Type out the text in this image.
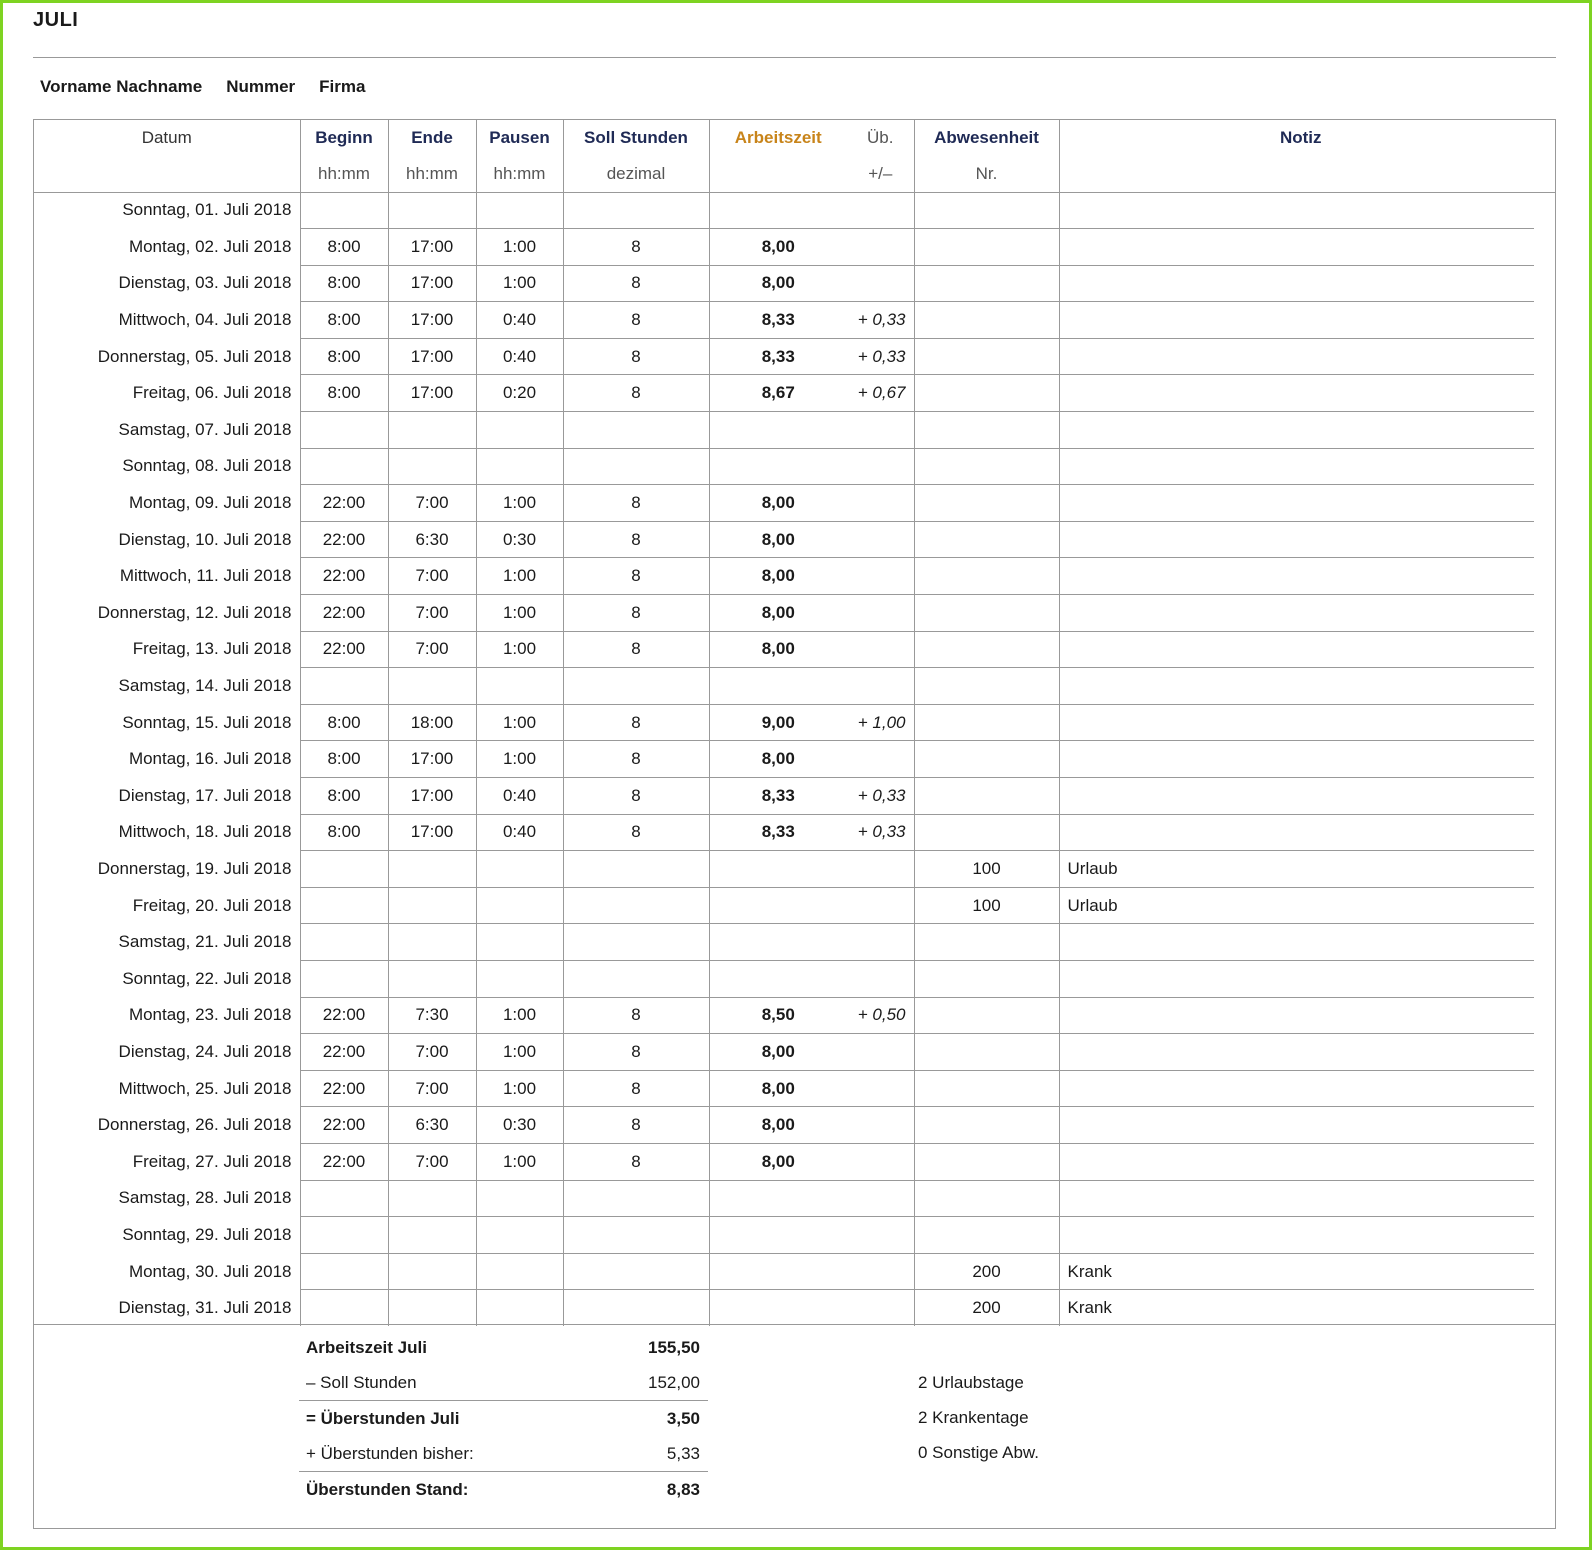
JULI
Vorname Nachname Nummer Firma
Datum	Beginn	Ende	Pausen	Soll Stunden	Arbeitszeit	Üb.	Abwesenheit	Notiz
	hh:mm	hh:mm	hh:mm	dezimal		+/–	Nr.	
Sonntag, 01. Juli 2018								
Montag, 02. Juli 2018	8:00	17:00	1:00	8	8,00			
Dienstag, 03. Juli 2018	8:00	17:00	1:00	8	8,00			
Mittwoch, 04. Juli 2018	8:00	17:00	0:40	8	8,33	+ 0,33		
Donnerstag, 05. Juli 2018	8:00	17:00	0:40	8	8,33	+ 0,33		
Freitag, 06. Juli 2018	8:00	17:00	0:20	8	8,67	+ 0,67		
Samstag, 07. Juli 2018								
Sonntag, 08. Juli 2018								
Montag, 09. Juli 2018	22:00	7:00	1:00	8	8,00			
Dienstag, 10. Juli 2018	22:00	6:30	0:30	8	8,00			
Mittwoch, 11. Juli 2018	22:00	7:00	1:00	8	8,00			
Donnerstag, 12. Juli 2018	22:00	7:00	1:00	8	8,00			
Freitag, 13. Juli 2018	22:00	7:00	1:00	8	8,00			
Samstag, 14. Juli 2018								
Sonntag, 15. Juli 2018	8:00	18:00	1:00	8	9,00	+ 1,00		
Montag, 16. Juli 2018	8:00	17:00	1:00	8	8,00			
Dienstag, 17. Juli 2018	8:00	17:00	0:40	8	8,33	+ 0,33		
Mittwoch, 18. Juli 2018	8:00	17:00	0:40	8	8,33	+ 0,33		
Donnerstag, 19. Juli 2018							100	Urlaub
Freitag, 20. Juli 2018							100	Urlaub
Samstag, 21. Juli 2018								
Sonntag, 22. Juli 2018								
Montag, 23. Juli 2018	22:00	7:30	1:00	8	8,50	+ 0,50		
Dienstag, 24. Juli 2018	22:00	7:00	1:00	8	8,00			
Mittwoch, 25. Juli 2018	22:00	7:00	1:00	8	8,00			
Donnerstag, 26. Juli 2018	22:00	6:30	0:30	8	8,00			
Freitag, 27. Juli 2018	22:00	7:00	1:00	8	8,00			
Samstag, 28. Juli 2018								
Sonntag, 29. Juli 2018								
Montag, 30. Juli 2018							200	Krank
Dienstag, 31. Juli 2018							200	Krank
Arbeitszeit Juli	155,50
– Soll Stunden	152,00
= Überstunden Juli	3,50
+ Überstunden bisher:	5,33
Überstunden Stand:	8,83
2 Urlaubstage
2 Krankentage
0 Sonstige Abw.
